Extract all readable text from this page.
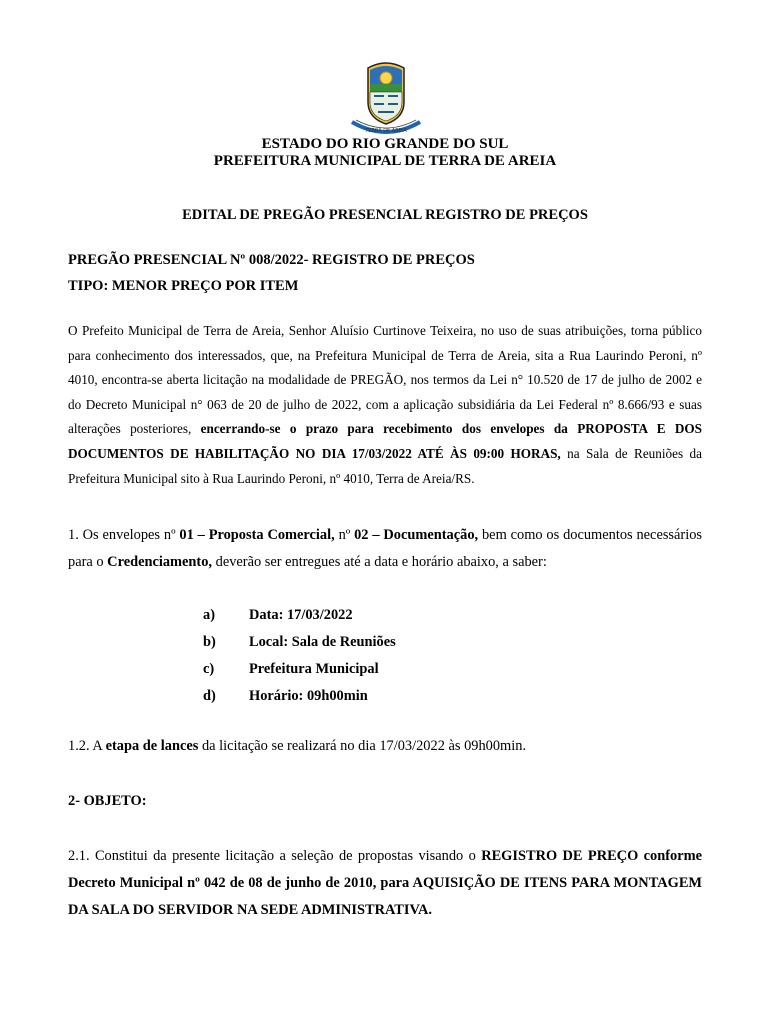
TERRA DE AREIA
ESTADO DO RIO GRANDE DO SUL
PREFEITURA MUNICIPAL DE TERRA DE AREIA
EDITAL DE PREGÃO PRESENCIAL REGISTRO DE PREÇOS
PREGÃO PRESENCIAL Nº 008/2022- REGISTRO DE PREÇOS
TIPO: MENOR PREÇO POR ITEM
O Prefeito Municipal de Terra de Areia, Senhor Aluísio Curtinove Teixeira, no uso de suas atribuições, torna público para conhecimento dos interessados, que, na Prefeitura Municipal de Terra de Areia, sita a Rua Laurindo Peroni, nº 4010, encontra-se aberta licitação na modalidade de PREGÃO, nos termos da Lei n° 10.520 de 17 de julho de 2002 e do Decreto Municipal n° 063 de 20 de julho de 2022, com a aplicação subsidiária da Lei Federal nº 8.666/93 e suas alterações posteriores, encerrando-se o prazo para recebimento dos envelopes da PROPOSTA E DOS DOCUMENTOS DE HABILITAÇÃO NO DIA 17/03/2022 ATÉ ÀS 09:00 HORAS, na Sala de Reuniões da Prefeitura Municipal sito à Rua Laurindo Peroni, nº 4010, Terra de Areia/RS.
1. Os envelopes nº 01 – Proposta Comercial, nº 02 – Documentação, bem como os documentos necessários para o Credenciamento, deverão ser entregues até a data e horário abaixo, a saber:
a) Data: 17/03/2022
b) Local: Sala de Reuniões
c) Prefeitura Municipal
d) Horário: 09h00min
1.2. A etapa de lances da licitação se realizará no dia 17/03/2022 às 09h00min.
2- OBJETO:
2.1. Constitui da presente licitação a seleção de propostas visando o REGISTRO DE PREÇO conforme Decreto Municipal nº 042 de 08 de junho de 2010, para AQUISIÇÃO DE ITENS PARA MONTAGEM DA SALA DO SERVIDOR NA SEDE ADMINISTRATIVA.
